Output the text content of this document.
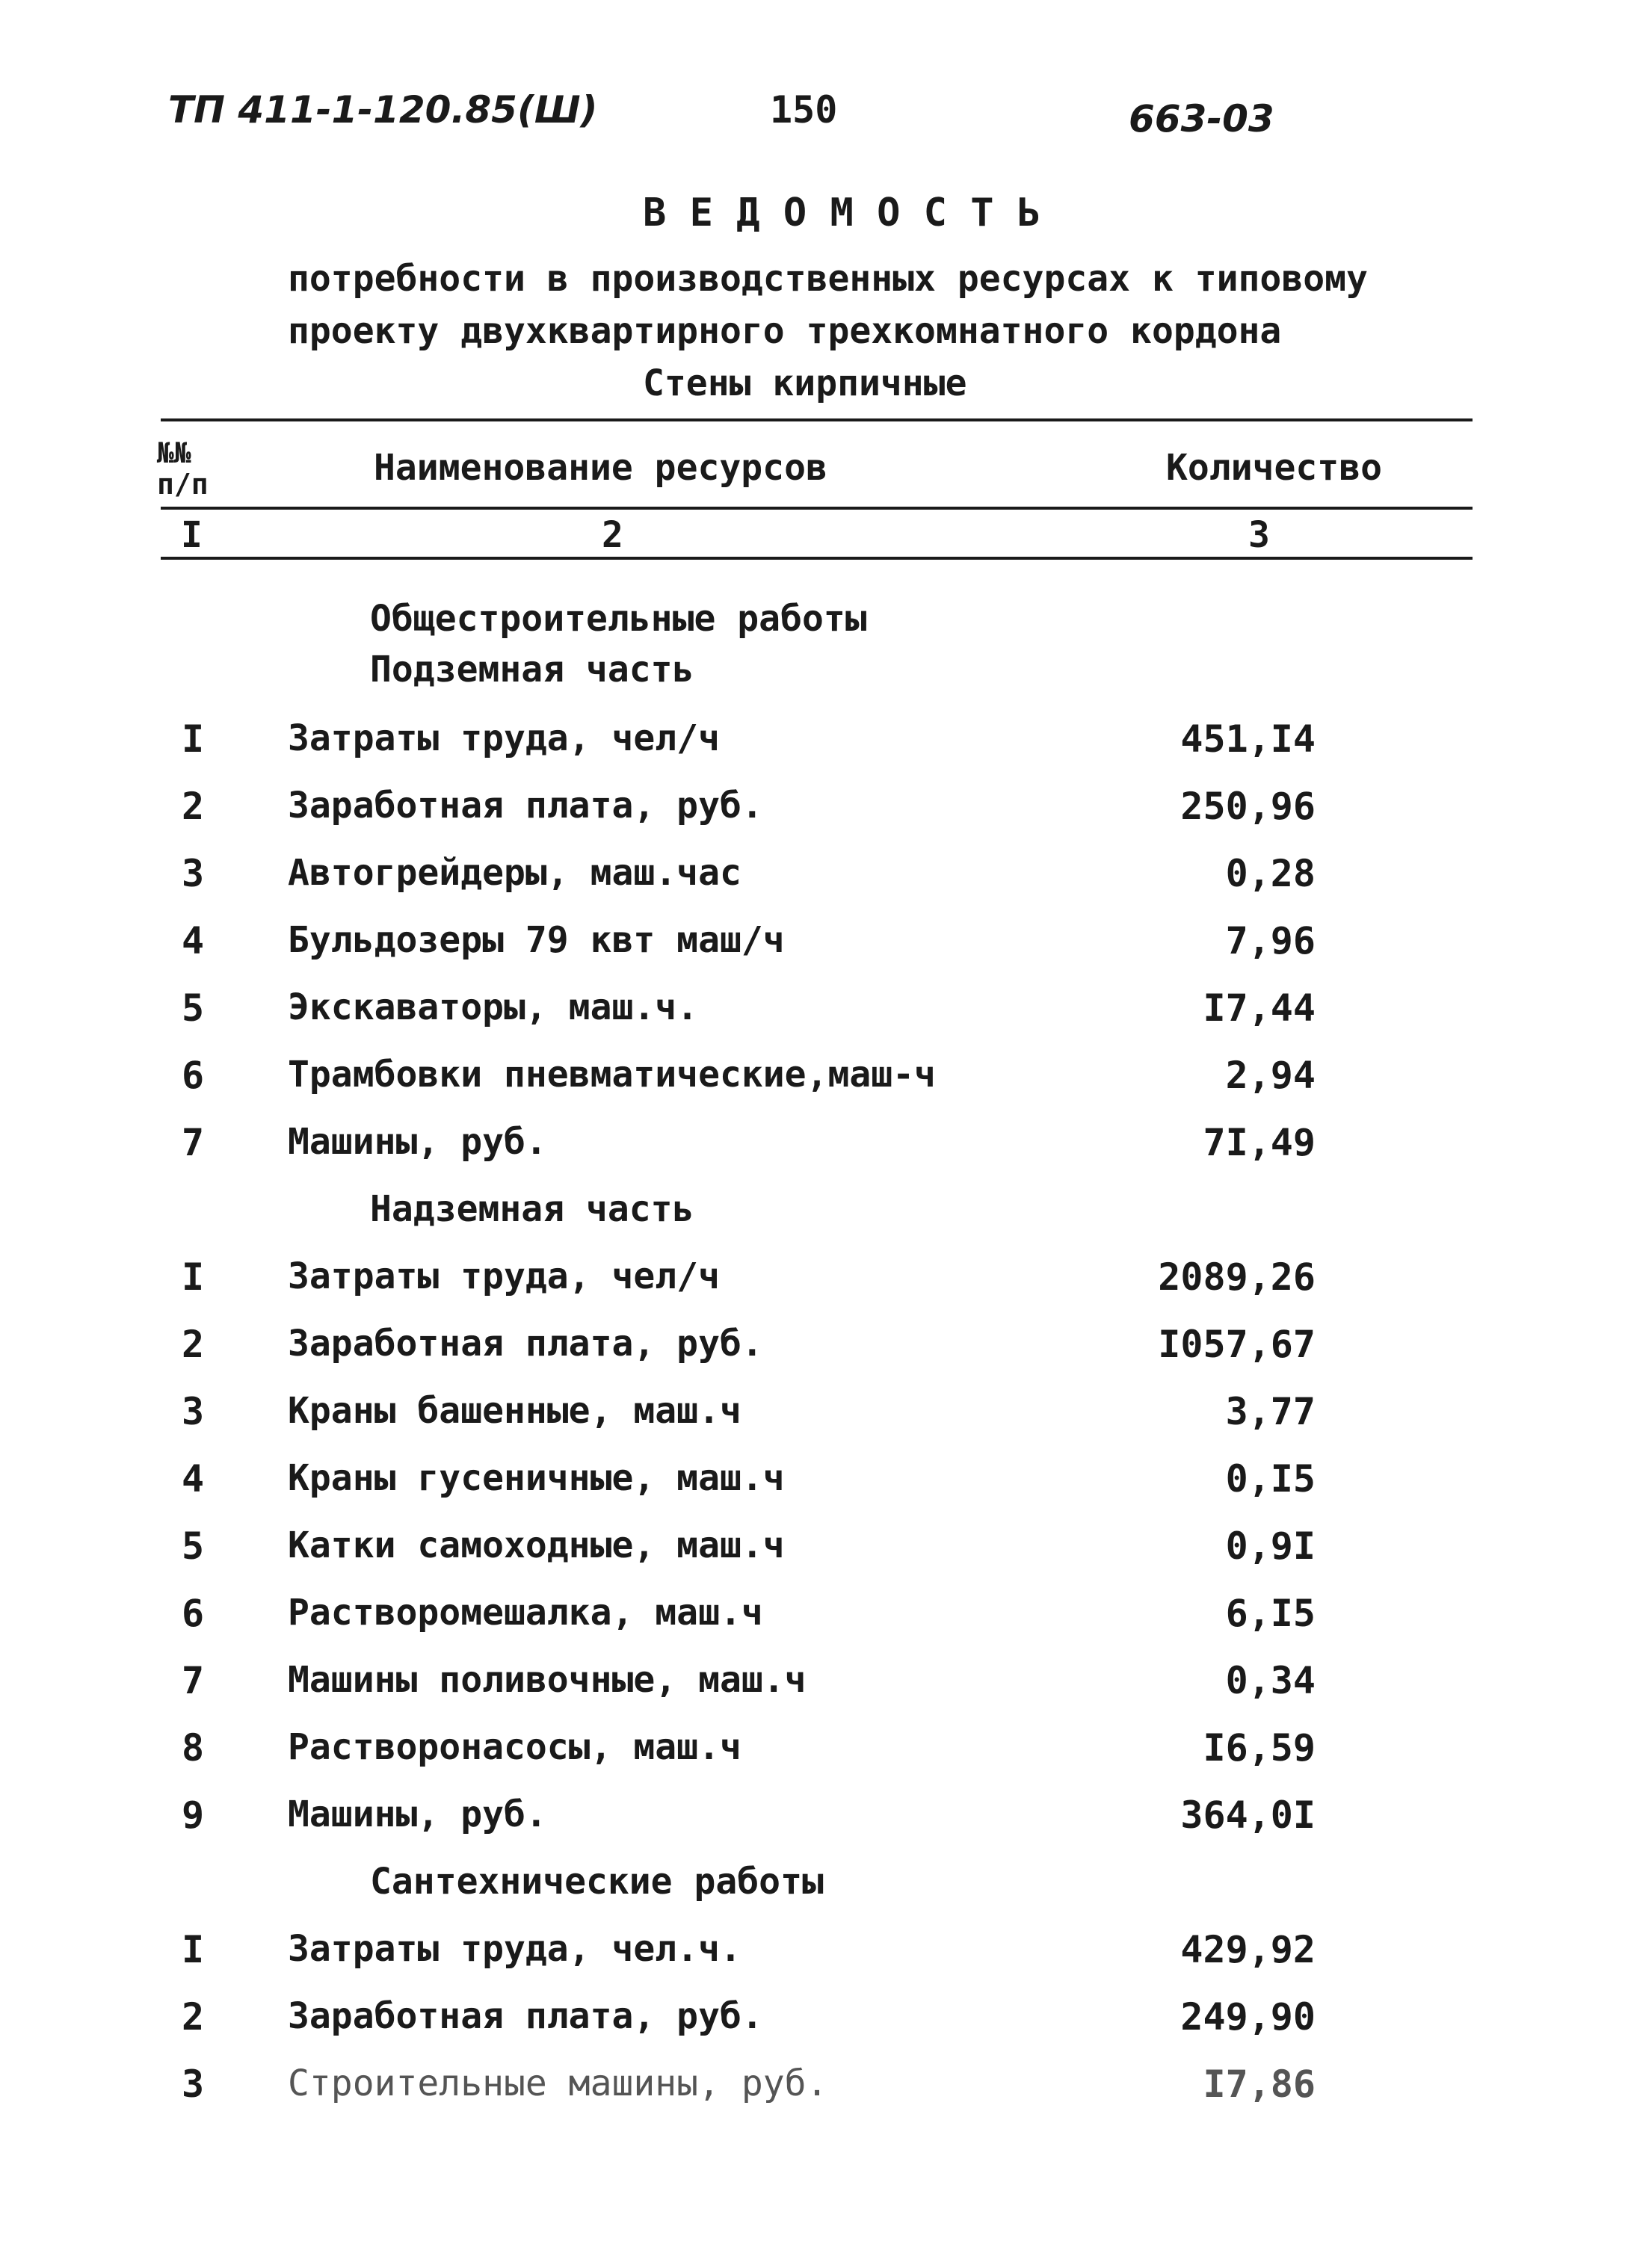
ТП 411-1-120.85(Ш)	150	663-03
В Е Д О М О С Т Ь
потребности в производственных ресурсах к типовому
проекту двухквартирного трехкомнатного кордона
Стены кирпичные
№№ п/п	Наименование ресурсов	Количество
I	2	3
Общестроительные работы
Подземная часть
I	Затраты труда, чел/ч	451,I4
2	Заработная плата, руб.	250,96
3	Автогрейдеры, маш.час	0,28
4	Бульдозеры 79 квт маш/ч	7,96
5	Экскаваторы, маш.ч.	I7,44
6	Трамбовки пневматические,маш-ч	2,94
7	Машины, руб.	7I,49
Надземная часть
I	Затраты труда, чел/ч	2089,26
2	Заработная плата, руб.	I057,67
3	Краны башенные, маш.ч	3,77
4	Краны гусеничные, маш.ч	0,I5
5	Катки самоходные, маш.ч	0,9I
6	Растворомешалка, маш.ч	6,I5
7	Машины поливочные, маш.ч	0,34
8	Растворонасосы, маш.ч	I6,59
9	Машины, руб.	364,0I
Сантехнические работы
I	Затраты труда, чел.ч.	429,92
2	Заработная плата, руб.	249,90
3	Строительные машины, руб.	I7,86
